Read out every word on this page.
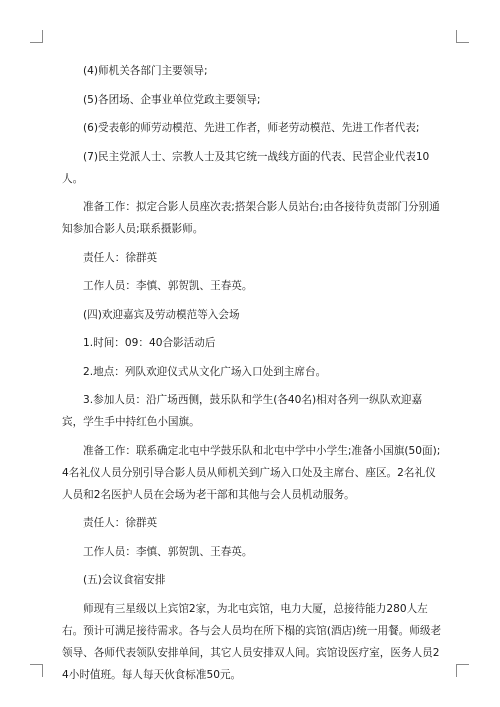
(4)师机关各部门主要领导;

(5)各团场、企事业单位党政主要领导;

(6)受表彰的师劳动模范、先进工作者，师老劳动模范、先进工作者代表;

(7)民主党派人士、宗教人士及其它统一战线方面的代表、民营企业代表10人。

准备工作：拟定合影人员座次表;搭架合影人员站台;由各接待负责部门分别通知参加合影人员;联系摄影师。

责任人：徐群英

工作人员：李慎、郭贺凯、王春英。

(四)欢迎嘉宾及劳动模范等入会场

1.时间：09：40合影活动后

2.地点：列队欢迎仪式从文化广场入口处到主席台。

3.参加人员：沿广场西侧，鼓乐队和学生(各40名)相对各列一纵队欢迎嘉宾，学生手中持红色小国旗。

准备工作：联系确定北屯中学鼓乐队和北屯中学中小学生;准备小国旗(50面);4名礼仪人员分别引导合影人员从师机关到广场入口处及主席台、座区。2名礼仪人员和2名医护人员在会场为老干部和其他与会人员机动服务。

责任人：徐群英

工作人员：李慎、郭贺凯、王春英。

(五)会议食宿安排

师现有三星级以上宾馆2家，为北屯宾馆，电力大厦，总接待能力280人左右。预计可满足接待需求。各与会人员均在所下榻的宾馆(酒店)统一用餐。师级老领导、各师代表领队安排单间，其它人员安排双人间。宾馆设医疗室，医务人员24小时值班。每人每天伙食标准50元。
